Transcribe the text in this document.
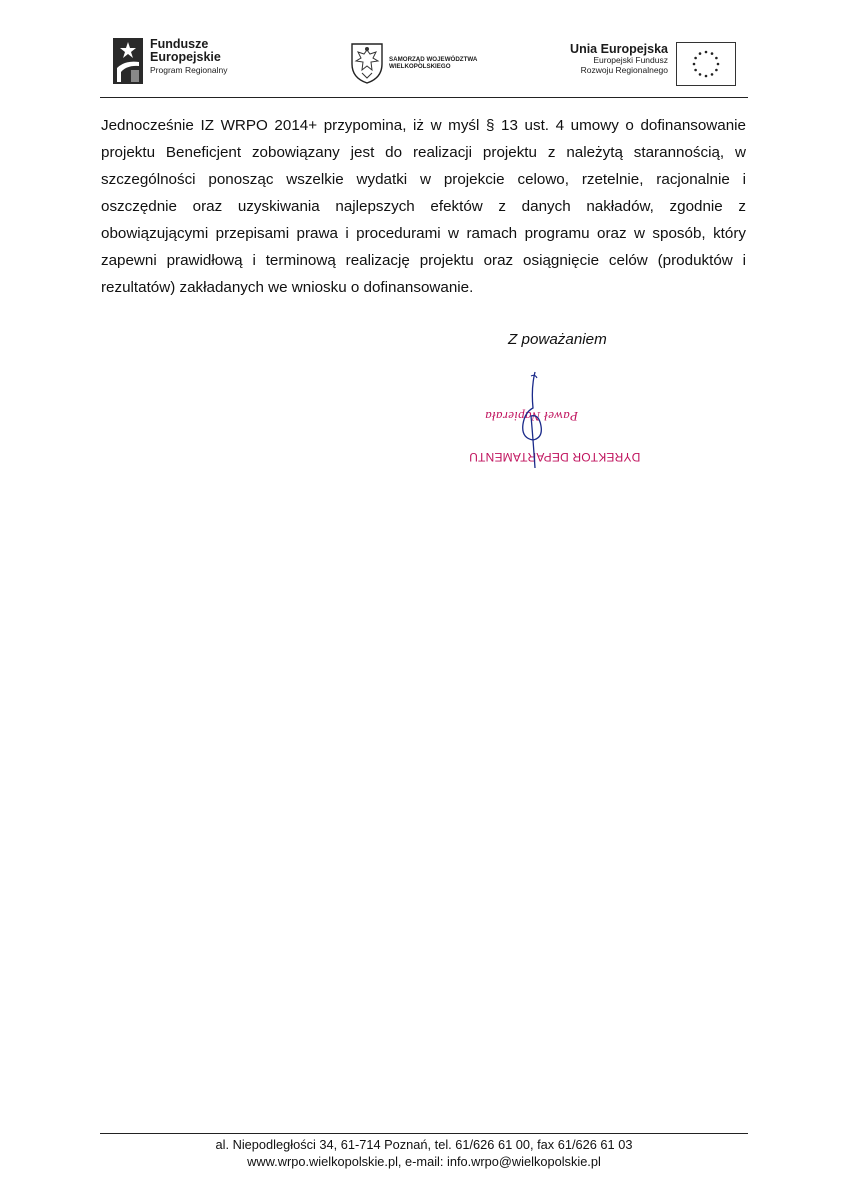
Fundusze
Europejskie
Program Regionalny
SAMORZĄD WOJEWÓDZTWA
WIELKOPOLSKIEGO
Unia Europejska
Europejski Fundusz
Rozwoju Regionalnego

Jednocześnie IZ WRPO 2014+ przypomina, iż w myśl § 13 ust. 4 umowy o dofinansowanie projektu Beneficjent zobowiązany jest do realizacji projektu z należytą starannością, w szczególności ponosząc wszelkie wydatki w projekcie celowo, rzetelnie, racjonalnie i oszczędnie oraz uzyskiwania najlepszych efektów z danych nakładów, zgodnie z obowiązującymi przepisami prawa i procedurami w ramach programu oraz w sposób, który zapewni prawidłową i terminową realizację projektu oraz osiągnięcie celów (produktów i rezultatów) zakładanych we wniosku o dofinansowanie.

Z poważaniem

Paweł Napierała
DYREKTOR DEPARTAMENTU
al. Niepodległości 34, 61-714 Poznań, tel. 61/626 61 00, fax 61/626 61 03
www.wrpo.wielkopolskie.pl, e-mail: info.wrpo@wielkopolskie.pl
